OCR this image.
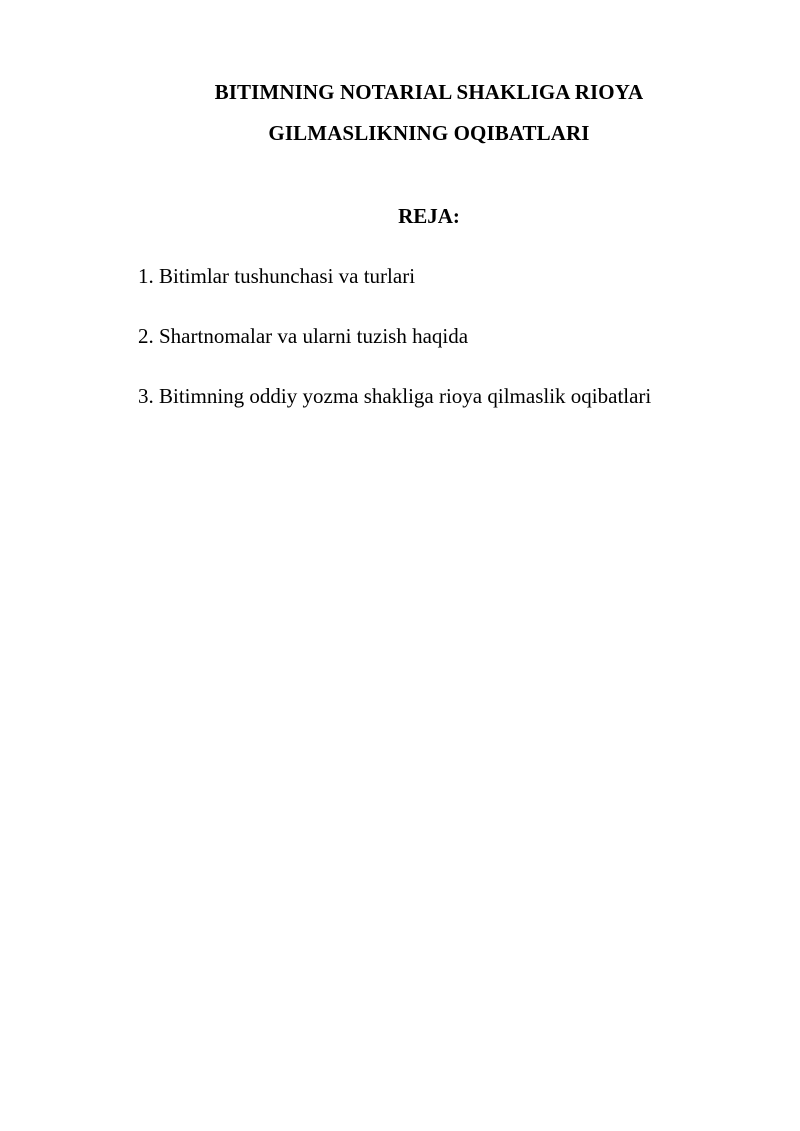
BITIMNING NOTARIAL SHAKLIGA RIOYA
GILMASLIKNING OQIBATLARI
REJA:
1. Bitimlar tushunchasi va turlari
2. Shartnomalar va ularni tuzish haqida
3. Bitimning oddiy yozma shakliga rioya qilmaslik oqibatlari
